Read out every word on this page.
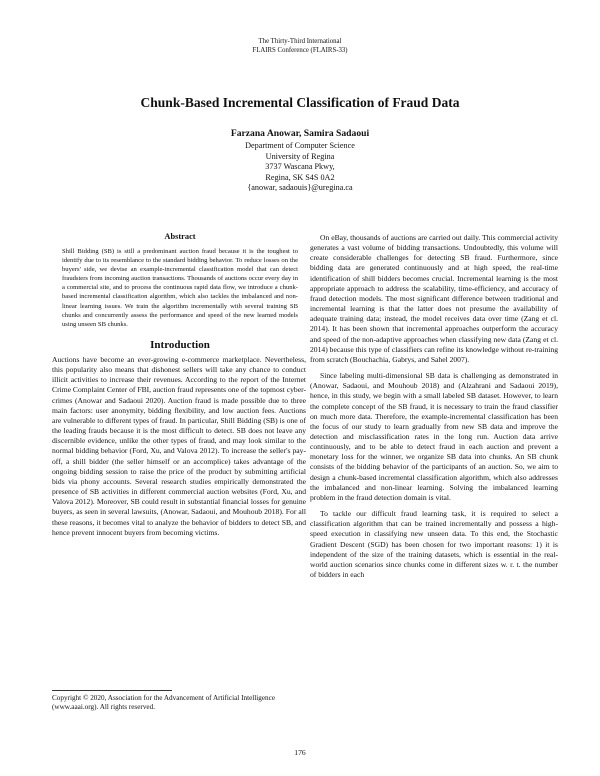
The Thirty-Third International
FLAIRS Conference (FLAIRS-33)
Chunk-Based Incremental Classification of Fraud Data
Farzana Anowar, Samira Sadaoui
Department of Computer Science
University of Regina
3737 Wascana Pkwy,
Regina, SK S4S 0A2
{anowar, sadaouis}@uregina.ca
Abstract

Shill Bidding (SB) is still a predominant auction fraud because it is the toughest to identify due to its resemblance to the standard bidding behavior. To reduce losses on the buyers' side, we devise an example-incremental classification model that can detect fraudsters from incoming auction transactions. Thousands of auctions occur every day in a commercial site, and to process the continuous rapid data flow, we introduce a chunk-based incremental classification algorithm, which also tackles the imbalanced and non-linear learning issues. We train the algorithm incrementally with several training SB chunks and concurrently assess the performance and speed of the new learned models using unseen SB chunks.

Introduction

Auctions have become an ever-growing e-commerce marketplace. Nevertheless, this popularity also means that dishonest sellers will take any chance to conduct illicit activities to increase their revenues. According to the report of the Internet Crime Complaint Center of FBI, auction fraud represents one of the topmost cyber-crimes (Anowar and Sadaoui 2020). Auction fraud is made possible due to three main factors: user anonymity, bidding flexibility, and low auction fees. Auctions are vulnerable to different types of fraud. In particular, Shill Bidding (SB) is one of the leading frauds because it is the most difficult to detect. SB does not leave any discernible evidence, unlike the other types of fraud, and may look similar to the normal bidding behavior (Ford, Xu, and Valova 2012). To increase the seller's pay-off, a shill bidder (the seller himself or an accomplice) takes advantage of the ongoing bidding session to raise the price of the product by submitting artificial bids via phony accounts. Several research studies empirically demonstrated the presence of SB activities in different commercial auction websites (Ford, Xu, and Valova 2012). Moreover, SB could result in substantial financial losses for genuine buyers, as seen in several lawsuits, (Anowar, Sadaoui, and Mouhoub 2018). For all these reasons, it becomes vital to analyze the behavior of bidders to detect SB, and hence prevent innocent buyers from becoming victims.

Copyright © 2020, Association for the Advancement of Artificial Intelligence (www.aaai.org). All rights reserved.

On eBay, thousands of auctions are carried out daily. This commercial activity generates a vast volume of bidding transactions. Undoubtedly, this volume will create considerable challenges for detecting SB fraud. Furthermore, since bidding data are generated continuously and at high speed, the real-time identification of shill bidders becomes crucial. Incremental learning is the most appropriate approach to address the scalability, time-efficiency, and accuracy of fraud detection models. The most significant difference between traditional and incremental learning is that the latter does not presume the availability of adequate training data; instead, the model receives data over time (Zang et cl. 2014). It has been shown that incremental approaches outperform the accuracy and speed of the non-adaptive approaches when classifying new data (Zang et cl. 2014) because this type of classifiers can refine its knowledge without re-training from scratch (Bouchachia, Gabrys, and Sahel 2007).

Since labeling multi-dimensional SB data is challenging as demonstrated in (Anowar, Sadaoui, and Mouhoub 2018) and (Alzahrani and Sadaoui 2019), hence, in this study, we begin with a small labeled SB dataset. However, to learn the complete concept of the SB fraud, it is necessary to train the fraud classifier on much more data. Therefore, the example-incremental classification has been the focus of our study to learn gradually from new SB data and improve the detection and misclassification rates in the long run. Auction data arrive continuously, and to be able to detect fraud in each auction and prevent a monetary loss for the winner, we organize SB data into chunks. An SB chunk consists of the bidding behavior of the participants of an auction. So, we aim to design a chunk-based incremental classification algorithm, which also addresses the imbalanced and non-linear learning. Solving the imbalanced learning problem in the fraud detection domain is vital.

To tackle our difficult fraud learning task, it is required to select a classification algorithm that can be trained incrementally and possess a high-speed execution in classifying new unseen data. To this end, the Stochastic Gradient Descent (SGD) has been chosen for two important reasons: 1) it is independent of the size of the training datasets, which is essential in the real-world auction scenarios since chunks come in different sizes w. r. t. the number of bidders in each

176
